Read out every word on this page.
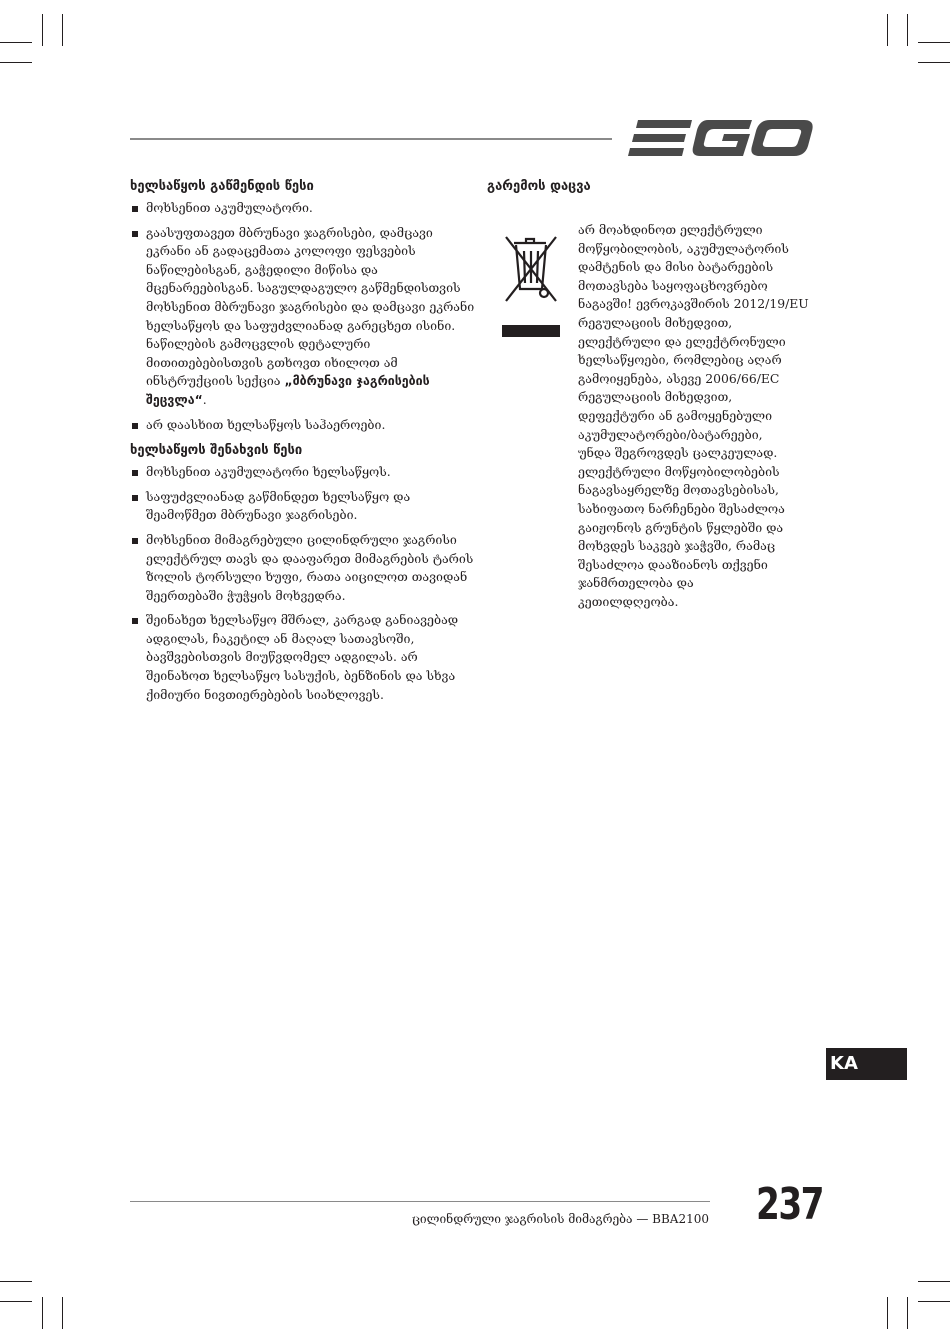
ხელსაწყოს გაწმენდის წესი
მოხსენით აკუმულატორი.
გაასუფთავეთ მბრუნავი ჯაგრისები, დამცავი ეკრანი ან გადაცემათა კოლოფი ფესვების ნაწილებისგან, გაჭედილი მიწისა და მცენარეებისგან. საგულდაგულო გაწმენდისთვის მოხსენით მბრუნავი ჯაგრისები და დამცავი ეკრანი ხელსაწყოს და საფუძვლიანად გარეცხეთ ისინი. ნაწილების გამოცვლის დეტალური მითითებებისთვის გთხოვთ იხილოთ ამ ინსტრუქციის სექცია „მბრუნავი ჯაგრისების შეცვლა“.
არ დაასხით ხელსაწყოს საჰაეროები.
ხელსაწყოს შენახვის წესი
მოხსენით აკუმულატორი ხელსაწყოს.
საფუძვლიანად გაწმინდეთ ხელსაწყო და შეამოწმეთ მბრუნავი ჯაგრისები.
მოხსენით მიმაგრებული ცილინდრული ჯაგრისი ელექტრულ თავს და დააფარეთ მიმაგრების ტარის ზოლის ტორსული ხუფი, რათა აიცილოთ თავიდან შეერთებაში ჭუჭყის მოხვედრა.
შეინახეთ ხელსაწყო მშრალ, კარგად განიავებად ადგილას, ჩაკეტილ ან მაღალ სათავსოში, ბავშვებისთვის მიუწვდომელ ადგილას. არ შეინახოთ ხელსაწყო სასუქის, ბენზინის და სხვა ქიმიური ნივთიერებების სიახლოვეს.
გარემოს დაცვა
არ მოახდინოთ ელექტრული
მოწყობილობის, აკუმულატორის
დამტენის და მისი ბატარეების
მოთავსება საყოფაცხოვრებო
ნაგავში! ევროკავშირის 2012/19/EU
რეგულაციის მიხედვით,
ელექტრული და ელექტრონული
ხელსაწყოები, რომლებიც აღარ
გამოიყენება, ასევე 2006/66/EC
რეგულაციის მიხედვით,
დეფექტური ან გამოყენებული
აკუმულატორები/ბატარეები,
უნდა შეგროვდეს ცალკეულად.
ელექტრული მოწყობილობების
ნაგავსაყრელზე მოთავსებისას,
სახიფათო ნარჩენები შესაძლოა
გაიჟონოს გრუნტის წყლებში და
მოხვდეს საკვებ ჯაჭვში, რამაც
შესაძლოა დააზიანოს თქვენი
ჯანმრთელობა და
კეთილდღეობა.
KA
ცილინდრული ჯაგრისის მიმაგრება — BBA2100 237
